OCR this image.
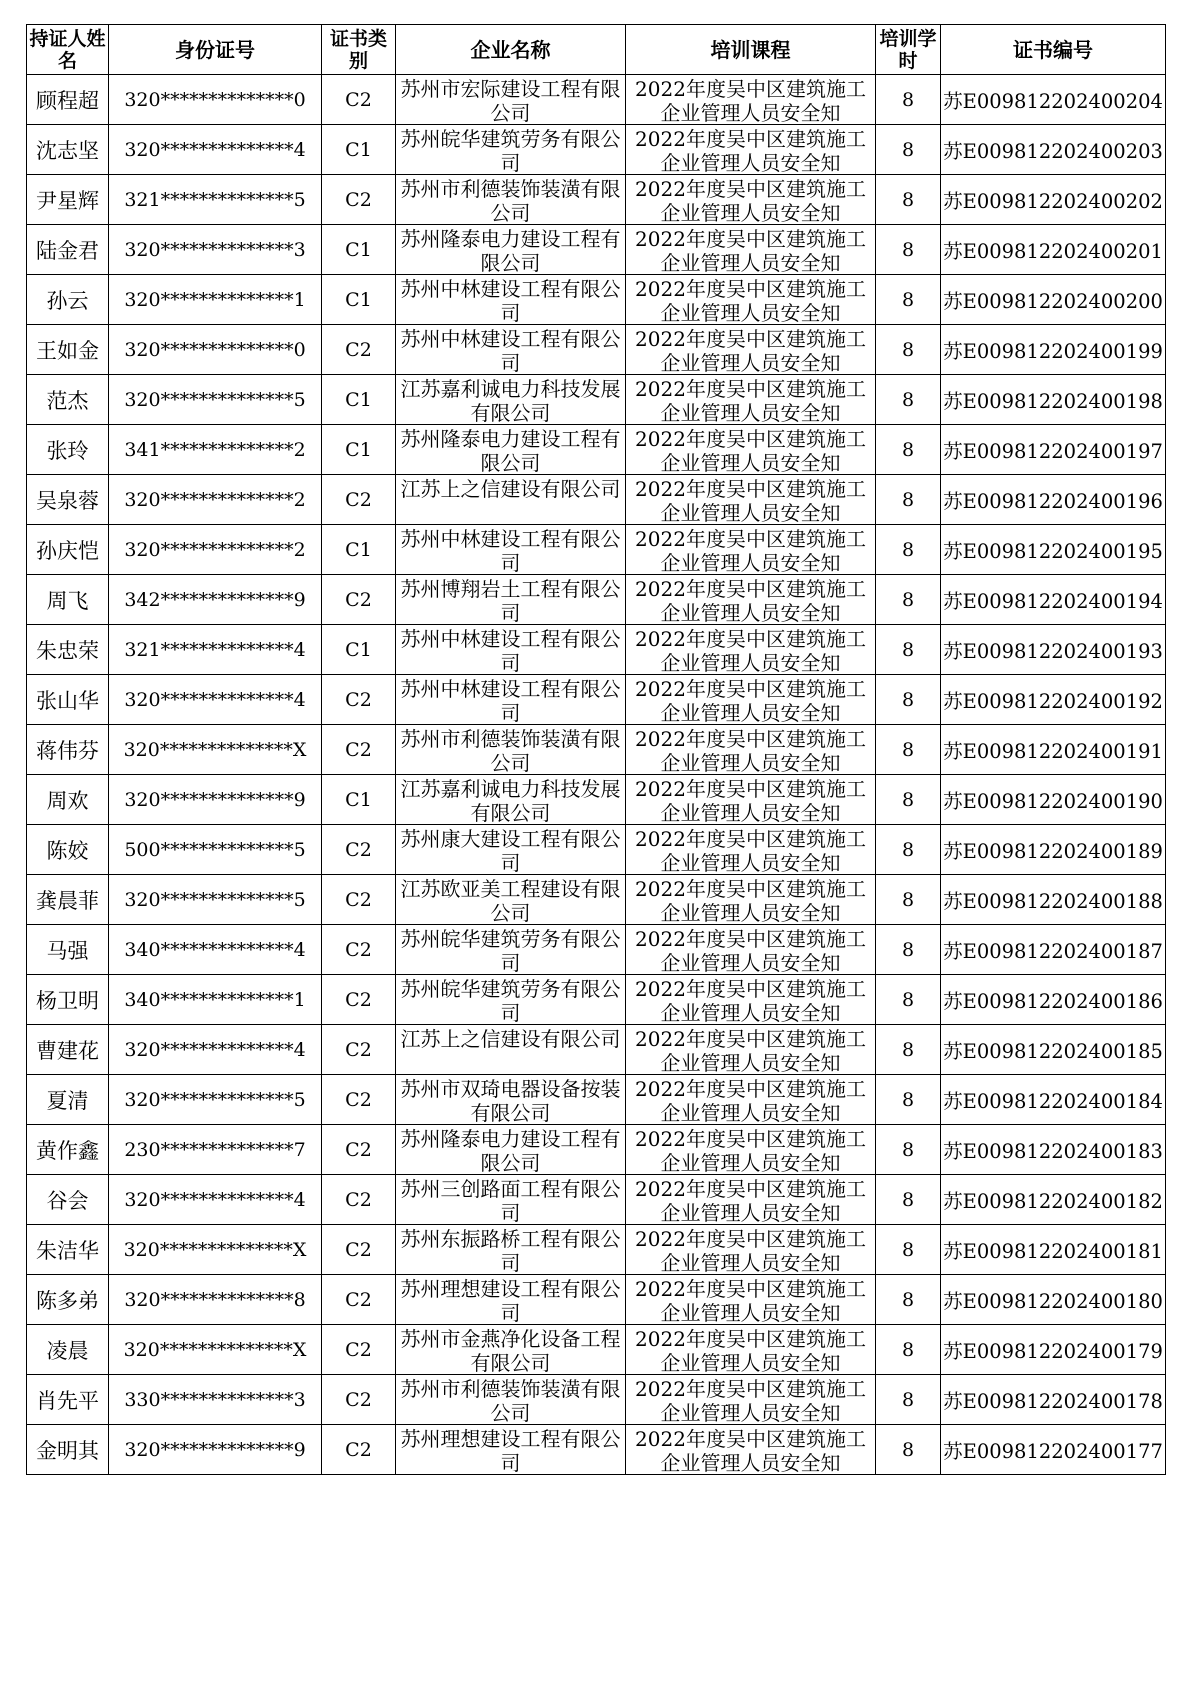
持证人姓名	身份证号	证书类别	企业名称	培训课程	培训学时	证书编号
顾程超	320**************0	C2	苏州市宏际建设工程有限公司	2022年度吴中区建筑施工企业管理人员安全知	8	苏E009812202400204
沈志坚	320**************4	C1	苏州皖华建筑劳务有限公司	2022年度吴中区建筑施工企业管理人员安全知	8	苏E009812202400203
尹星辉	321**************5	C2	苏州市利德装饰装潢有限公司	2022年度吴中区建筑施工企业管理人员安全知	8	苏E009812202400202
陆金君	320**************3	C1	苏州隆泰电力建设工程有限公司	2022年度吴中区建筑施工企业管理人员安全知	8	苏E009812202400201
孙云	320**************1	C1	苏州中林建设工程有限公司	2022年度吴中区建筑施工企业管理人员安全知	8	苏E009812202400200
王如金	320**************0	C2	苏州中林建设工程有限公司	2022年度吴中区建筑施工企业管理人员安全知	8	苏E009812202400199
范杰	320**************5	C1	江苏嘉利诚电力科技发展有限公司	2022年度吴中区建筑施工企业管理人员安全知	8	苏E009812202400198
张玲	341**************2	C1	苏州隆泰电力建设工程有限公司	2022年度吴中区建筑施工企业管理人员安全知	8	苏E009812202400197
吴泉蓉	320**************2	C2	江苏上之信建设有限公司	2022年度吴中区建筑施工企业管理人员安全知	8	苏E009812202400196
孙庆恺	320**************2	C1	苏州中林建设工程有限公司	2022年度吴中区建筑施工企业管理人员安全知	8	苏E009812202400195
周飞	342**************9	C2	苏州博翔岩土工程有限公司	2022年度吴中区建筑施工企业管理人员安全知	8	苏E009812202400194
朱忠荣	321**************4	C1	苏州中林建设工程有限公司	2022年度吴中区建筑施工企业管理人员安全知	8	苏E009812202400193
张山华	320**************4	C2	苏州中林建设工程有限公司	2022年度吴中区建筑施工企业管理人员安全知	8	苏E009812202400192
蒋伟芬	320**************X	C2	苏州市利德装饰装潢有限公司	2022年度吴中区建筑施工企业管理人员安全知	8	苏E009812202400191
周欢	320**************9	C1	江苏嘉利诚电力科技发展有限公司	2022年度吴中区建筑施工企业管理人员安全知	8	苏E009812202400190
陈姣	500**************5	C2	苏州康大建设工程有限公司	2022年度吴中区建筑施工企业管理人员安全知	8	苏E009812202400189
龚晨菲	320**************5	C2	江苏欧亚美工程建设有限公司	2022年度吴中区建筑施工企业管理人员安全知	8	苏E009812202400188
马强	340**************4	C2	苏州皖华建筑劳务有限公司	2022年度吴中区建筑施工企业管理人员安全知	8	苏E009812202400187
杨卫明	340**************1	C2	苏州皖华建筑劳务有限公司	2022年度吴中区建筑施工企业管理人员安全知	8	苏E009812202400186
曹建花	320**************4	C2	江苏上之信建设有限公司	2022年度吴中区建筑施工企业管理人员安全知	8	苏E009812202400185
夏清	320**************5	C2	苏州市双琦电器设备按装有限公司	2022年度吴中区建筑施工企业管理人员安全知	8	苏E009812202400184
黄作鑫	230**************7	C2	苏州隆泰电力建设工程有限公司	2022年度吴中区建筑施工企业管理人员安全知	8	苏E009812202400183
谷会	320**************4	C2	苏州三创路面工程有限公司	2022年度吴中区建筑施工企业管理人员安全知	8	苏E009812202400182
朱洁华	320**************X	C2	苏州东振路桥工程有限公司	2022年度吴中区建筑施工企业管理人员安全知	8	苏E009812202400181
陈多弟	320**************8	C2	苏州理想建设工程有限公司	2022年度吴中区建筑施工企业管理人员安全知	8	苏E009812202400180
凌晨	320**************X	C2	苏州市金燕净化设备工程有限公司	2022年度吴中区建筑施工企业管理人员安全知	8	苏E009812202400179
肖先平	330**************3	C2	苏州市利德装饰装潢有限公司	2022年度吴中区建筑施工企业管理人员安全知	8	苏E009812202400178
金明其	320**************9	C2	苏州理想建设工程有限公司	2022年度吴中区建筑施工企业管理人员安全知	8	苏E009812202400177
